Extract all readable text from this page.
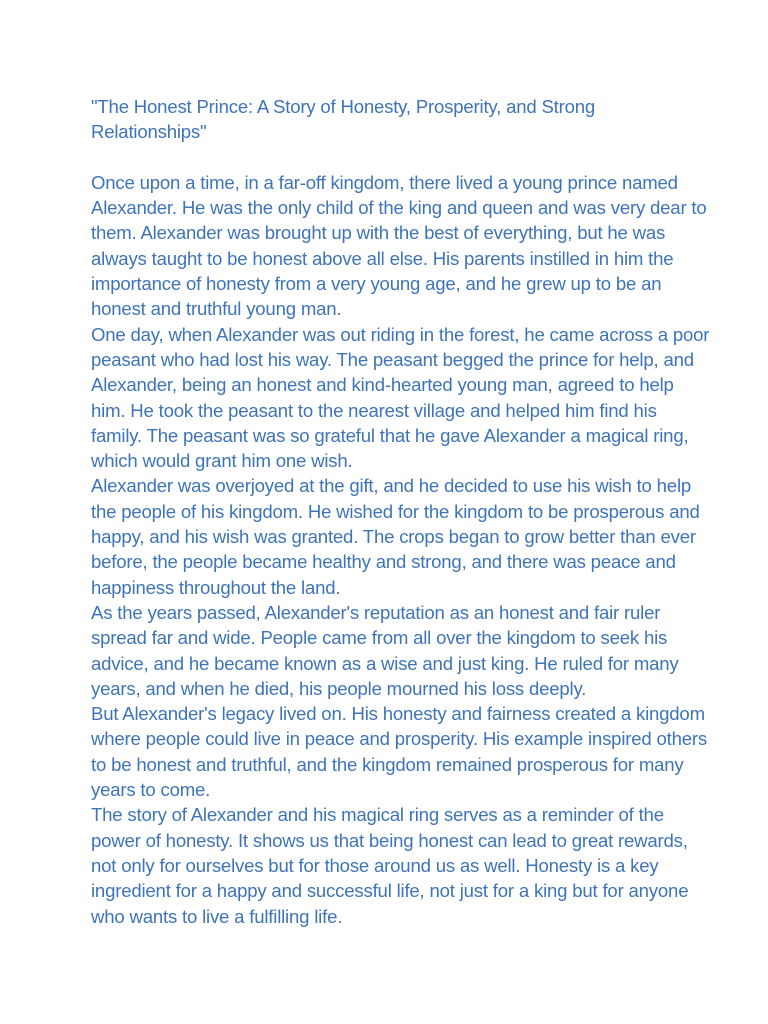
"The Honest Prince: A Story of Honesty, Prosperity, and Strong Relationships"

Once upon a time, in a far-off kingdom, there lived a young prince named Alexander. He was the only child of the king and queen and was very dear to them. Alexander was brought up with the best of everything, but he was always taught to be honest above all else. His parents instilled in him the importance of honesty from a very young age, and he grew up to be an honest and truthful young man.

One day, when Alexander was out riding in the forest, he came across a poor peasant who had lost his way. The peasant begged the prince for help, and Alexander, being an honest and kind-hearted young man, agreed to help him. He took the peasant to the nearest village and helped him find his family. The peasant was so grateful that he gave Alexander a magical ring, which would grant him one wish.

Alexander was overjoyed at the gift, and he decided to use his wish to help the people of his kingdom. He wished for the kingdom to be prosperous and happy, and his wish was granted. The crops began to grow better than ever before, the people became healthy and strong, and there was peace and happiness throughout the land.

As the years passed, Alexander's reputation as an honest and fair ruler spread far and wide. People came from all over the kingdom to seek his advice, and he became known as a wise and just king. He ruled for many years, and when he died, his people mourned his loss deeply.

But Alexander's legacy lived on. His honesty and fairness created a kingdom where people could live in peace and prosperity. His example inspired others to be honest and truthful, and the kingdom remained prosperous for many years to come.

The story of Alexander and his magical ring serves as a reminder of the power of honesty. It shows us that being honest can lead to great rewards, not only for ourselves but for those around us as well. Honesty is a key ingredient for a happy and successful life, not just for a king but for anyone who wants to live a fulfilling life.
